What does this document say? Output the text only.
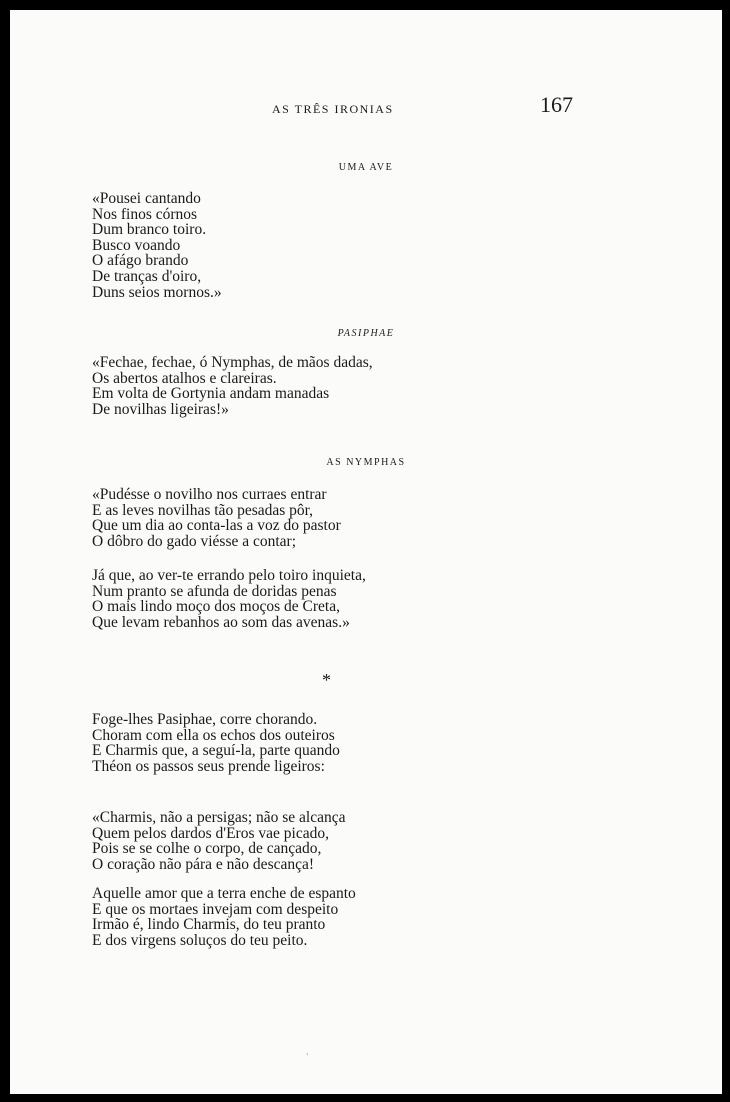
AS TRÊS IRONIAS	167
UMA AVE
«Pousei cantando
Nos finos córnos
Dum branco toiro.
Busco voando
O afágo brando
De tranças d'oiro,
Duns seios mornos.»
PASIPHAE
«Fechae, fechae, ó Nymphas, de mãos dadas,
Os abertos atalhos e clareiras.
Em volta de Gortynia andam manadas
De novilhas ligeiras!»
AS NYMPHAS
«Pudésse o novilho nos curraes entrar
E as leves novilhas tão pesadas pôr,
Que um dia ao conta-las a voz do pastor
O dôbro do gado viésse a contar;
Já que, ao ver-te errando pelo toiro inquieta,
Num pranto se afunda de doridas penas
O mais lindo moço dos moços de Creta,
Que levam rebanhos ao som das avenas.»
*
Foge-lhes Pasiphae, corre chorando.
Choram com ella os echos dos outeiros
E Charmis que, a seguí-la, parte quando
Théon os passos seus prende ligeiros:
«Charmis, não a persigas; não se alcança
Quem pelos dardos d'Eros vae picado,
Pois se se colhe o corpo, de cançado,
O coração não pára e não descança!
Aquelle amor que a terra enche de espanto
E que os mortaes invejam com despeito
Irmão é, lindo Charmis, do teu pranto
E dos virgens soluços do teu peito.
·
